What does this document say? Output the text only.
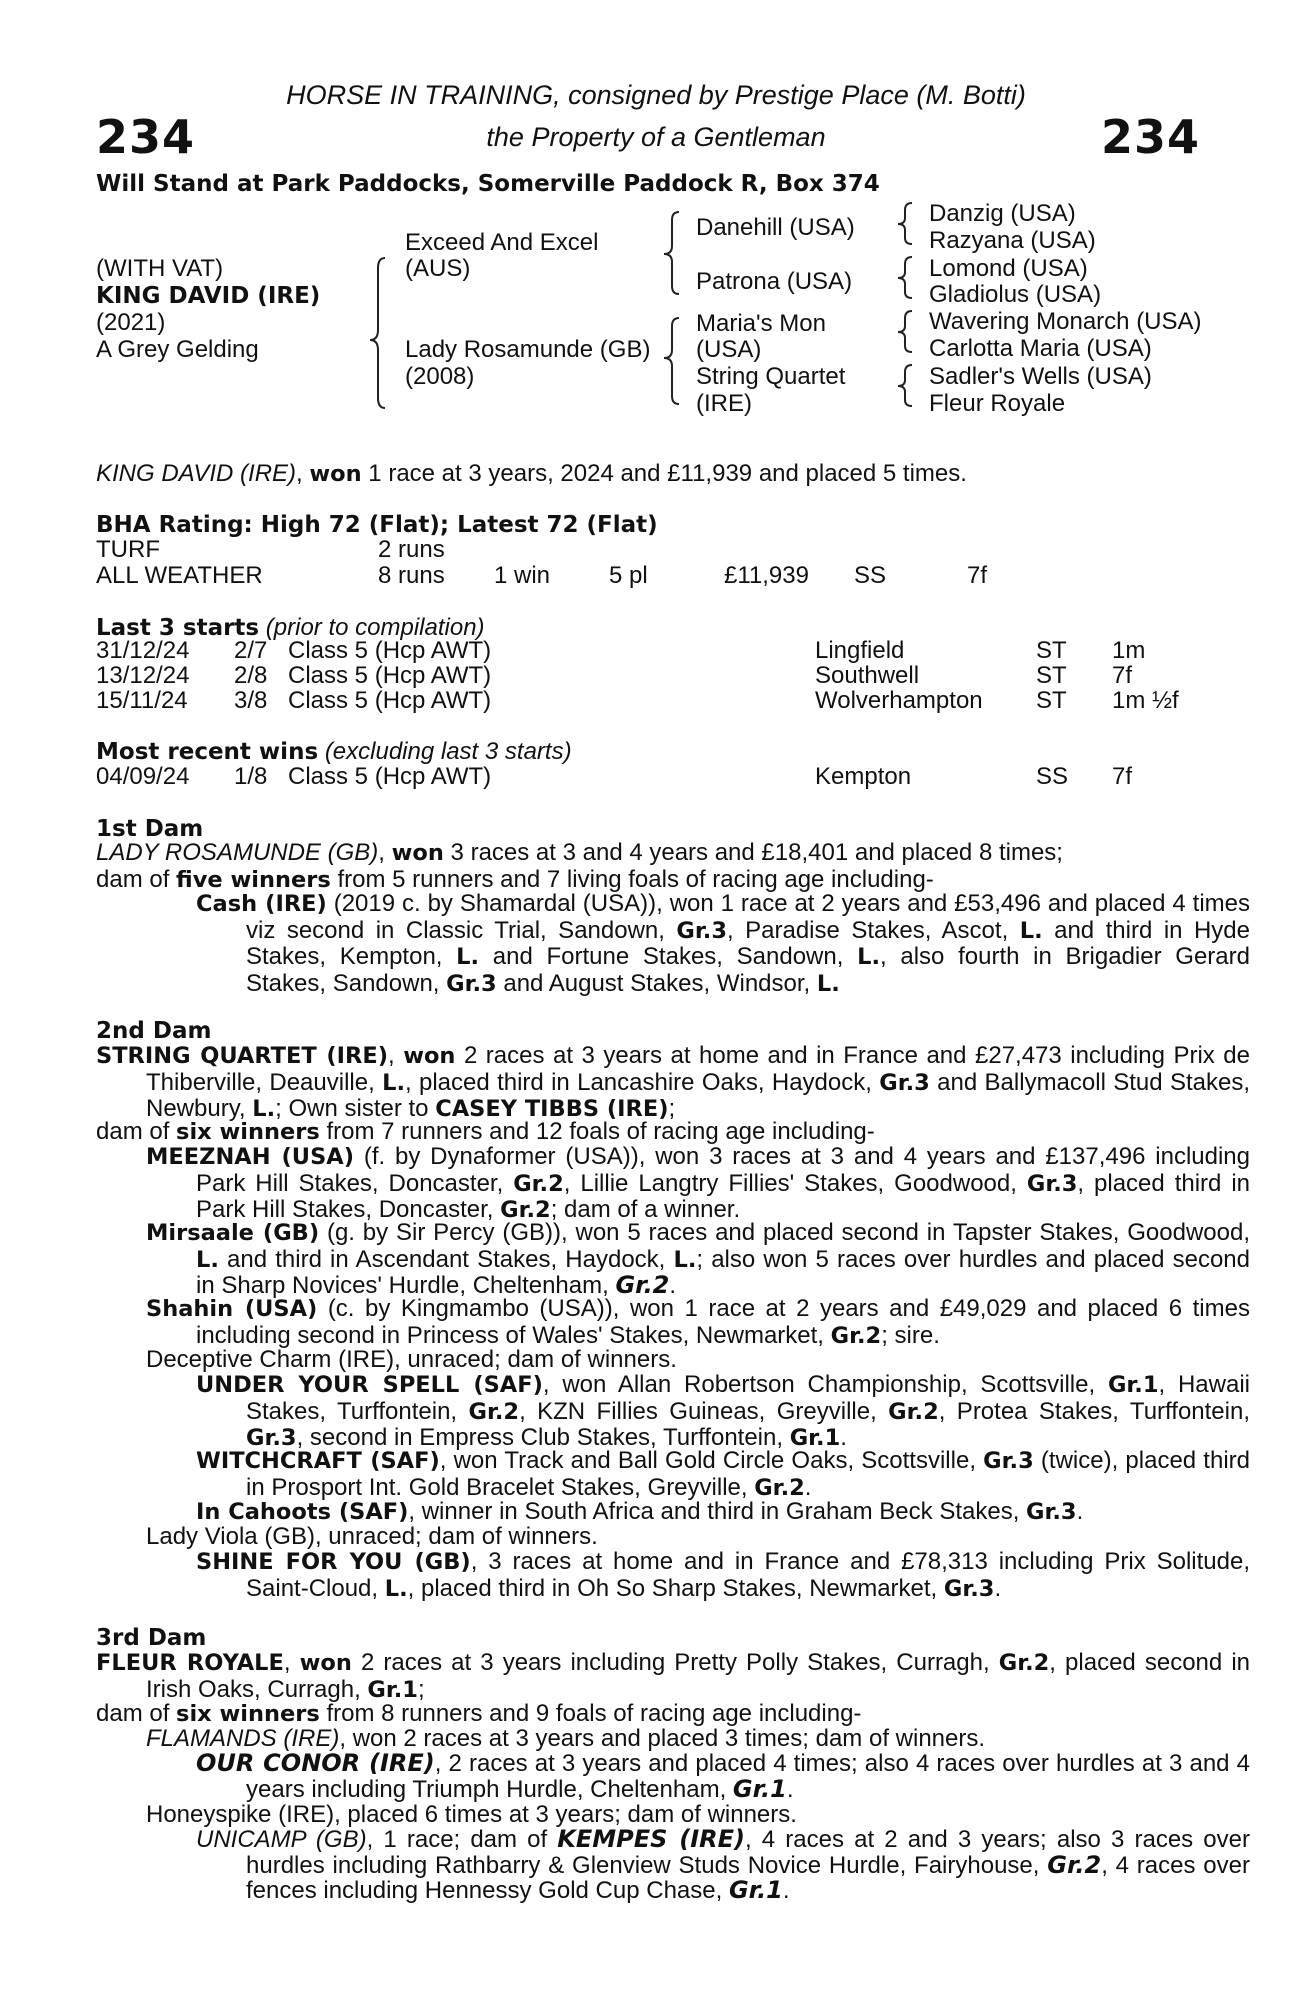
234	234
HORSE IN TRAINING, consigned by Prestige Place (M. Botti)
the Property of a Gentleman
Will Stand at Park Paddocks, Somerville Paddock R, Box 374
(WITH VAT)
KING DAVID (IRE)
(2021)
A Grey Gelding
Exceed And Excel
(AUS)
Lady Rosamunde (GB)
(2008)
Danehill (USA)
Patrona (USA)
Maria's Mon
(USA)
String Quartet
(IRE)
Danzig (USA)
Razyana (USA)
Lomond (USA)
Gladiolus (USA)
Wavering Monarch (USA)
Carlotta Maria (USA)
Sadler's Wells (USA)
Fleur Royale
KING DAVID (IRE), won 1 race at 3 years, 2024 and £11,939 and placed 5 times.
BHA Rating: High 72 (Flat); Latest 72 (Flat)
TURF	2 runs
ALL WEATHER	8 runs 1 win 5 pl	£11,939 SS	7f
Last 3 starts (prior to compilation)
31/12/24 2/7 Class 5 (Hcp AWT)	Lingfield	ST 1m
13/12/24 2/8 Class 5 (Hcp AWT)	Southwell	ST 7f
15/11/24 3/8 Class 5 (Hcp AWT)	Wolverhampton ST 1m ½f
Most recent wins (excluding last 3 starts)
04/09/24 1/8 Class 5 (Hcp AWT)	Kempton	SS 7f
1st Dam

LADY ROSAMUNDE (GB), won 3 races at 3 and 4 years and £18,401 and placed 8 times;

dam of five winners from 5 runners and 7 living foals of racing age including-

Cash (IRE) (2019 c. by Shamardal (USA)), won 1 race at 2 years and £53,496 and placed 4 times viz second in Classic Trial, Sandown, Gr.3, Paradise Stakes, Ascot, L. and third in Hyde Stakes, Kempton, L. and Fortune Stakes, Sandown, L., also fourth in Brigadier Gerard Stakes, Sandown, Gr.3 and August Stakes, Windsor, L.
2nd Dam
STRING QUARTET (IRE), won 2 races at 3 years at home and in France and £27,473 including Prix de Thiberville, Deauville, L., placed third in Lancashire Oaks, Haydock, Gr.3 and Ballymacoll Stud Stakes, Newbury, L.; Own sister to CASEY TIBBS (IRE);
dam of six winners from 7 runners and 12 foals of racing age including-
MEEZNAH (USA) (f. by Dynaformer (USA)), won 3 races at 3 and 4 years and £137,496 including Park Hill Stakes, Doncaster, Gr.2, Lillie Langtry Fillies' Stakes, Goodwood, Gr.3, placed third in Park Hill Stakes, Doncaster, Gr.2; dam of a winner.
Mirsaale (GB) (g. by Sir Percy (GB)), won 5 races and placed second in Tapster Stakes, Goodwood, L. and third in Ascendant Stakes, Haydock, L.; also won 5 races over hurdles and placed second in Sharp Novices' Hurdle, Cheltenham, Gr.2.
Shahin (USA) (c. by Kingmambo (USA)), won 1 race at 2 years and £49,029 and placed 6 times including second in Princess of Wales' Stakes, Newmarket, Gr.2; sire.
Deceptive Charm (IRE), unraced; dam of winners.
UNDER YOUR SPELL (SAF), won Allan Robertson Championship, Scottsville, Gr.1, Hawaii Stakes, Turffontein, Gr.2, KZN Fillies Guineas, Greyville, Gr.2, Protea Stakes, Turffontein, Gr.3, second in Empress Club Stakes, Turffontein, Gr.1.
WITCHCRAFT (SAF), won Track and Ball Gold Circle Oaks, Scottsville, Gr.3 (twice), placed third in Prosport Int. Gold Bracelet Stakes, Greyville, Gr.2.
In Cahoots (SAF), winner in South Africa and third in Graham Beck Stakes, Gr.3.
Lady Viola (GB), unraced; dam of winners.
SHINE FOR YOU (GB), 3 races at home and in France and £78,313 including Prix Solitude, Saint-Cloud, L., placed third in Oh So Sharp Stakes, Newmarket, Gr.3.
3rd Dam
FLEUR ROYALE, won 2 races at 3 years including Pretty Polly Stakes, Curragh, Gr.2, placed second in Irish Oaks, Curragh, Gr.1;
dam of six winners from 8 runners and 9 foals of racing age including-
FLAMANDS (IRE), won 2 races at 3 years and placed 3 times; dam of winners.
OUR CONOR (IRE), 2 races at 3 years and placed 4 times; also 4 races over hurdles at 3 and 4 years including Triumph Hurdle, Cheltenham, Gr.1.
Honeyspike (IRE), placed 6 times at 3 years; dam of winners.
UNICAMP (GB), 1 race; dam of KEMPES (IRE), 4 races at 2 and 3 years; also 3 races over hurdles including Rathbarry & Glenview Studs Novice Hurdle, Fairyhouse, Gr.2, 4 races over fences including Hennessy Gold Cup Chase, Gr.1.
